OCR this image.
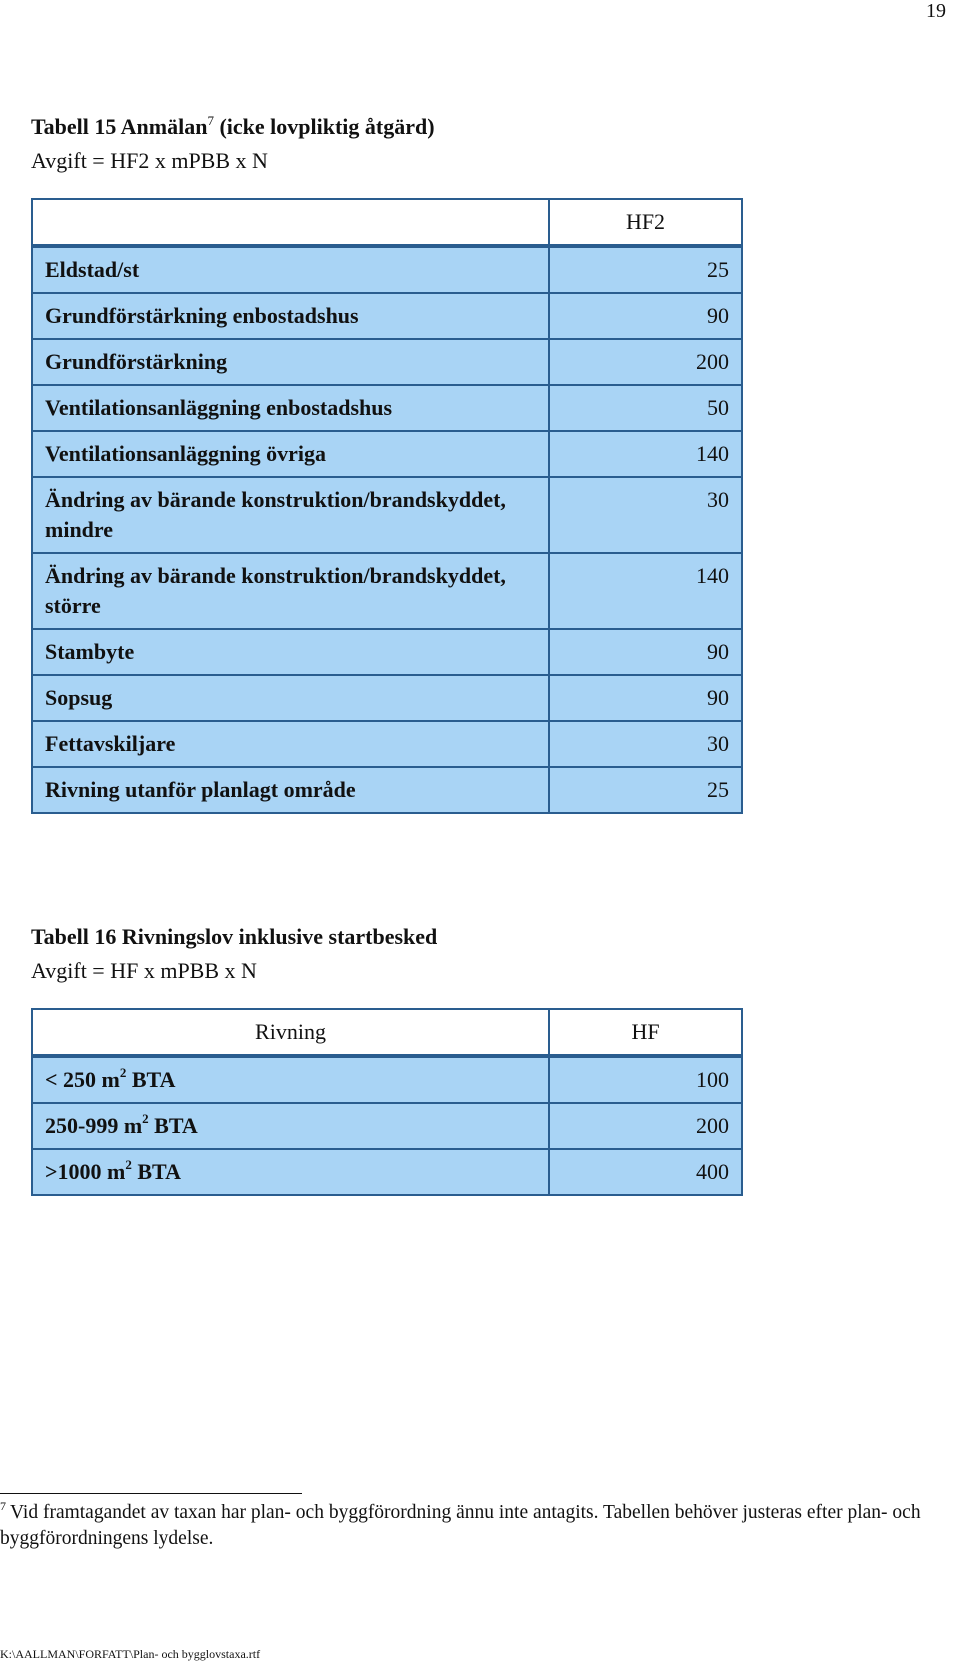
19
Tabell 15 Anmälan$^7$ (icke lovpliktig åtgärd)
Avgift = HF2 x mPBB x N
	HF2
Eldstad/st	25
Grundförstärkning enbostadshus	90
Grundförstärkning	200
Ventilationsanläggning enbostadshus	50
Ventilationsanläggning övriga	140
Ändring av bärande konstruktion/brandskyddet, mindre	30
Ändring av bärande konstruktion/brandskyddet, större	140
Stambyte	90
Sopsug	90
Fettavskiljare	30
Rivning utanför planlagt område	25
Tabell 16 Rivningslov inklusive startbesked
Avgift = HF x mPBB x N
Rivning	HF
< 250 $m^2$ BTA	100
250-999 $m^2$ BTA	200
>1000 $m^2$ BTA	400
$^7$ Vid framtagandet av taxan har plan- och byggförordning ännu inte antagits. Tabellen behöver justeras efter plan- och byggförordningens lydelse.
K:\AALLMAN\FORFATT\Plan- och bygglovstaxa.rtf
